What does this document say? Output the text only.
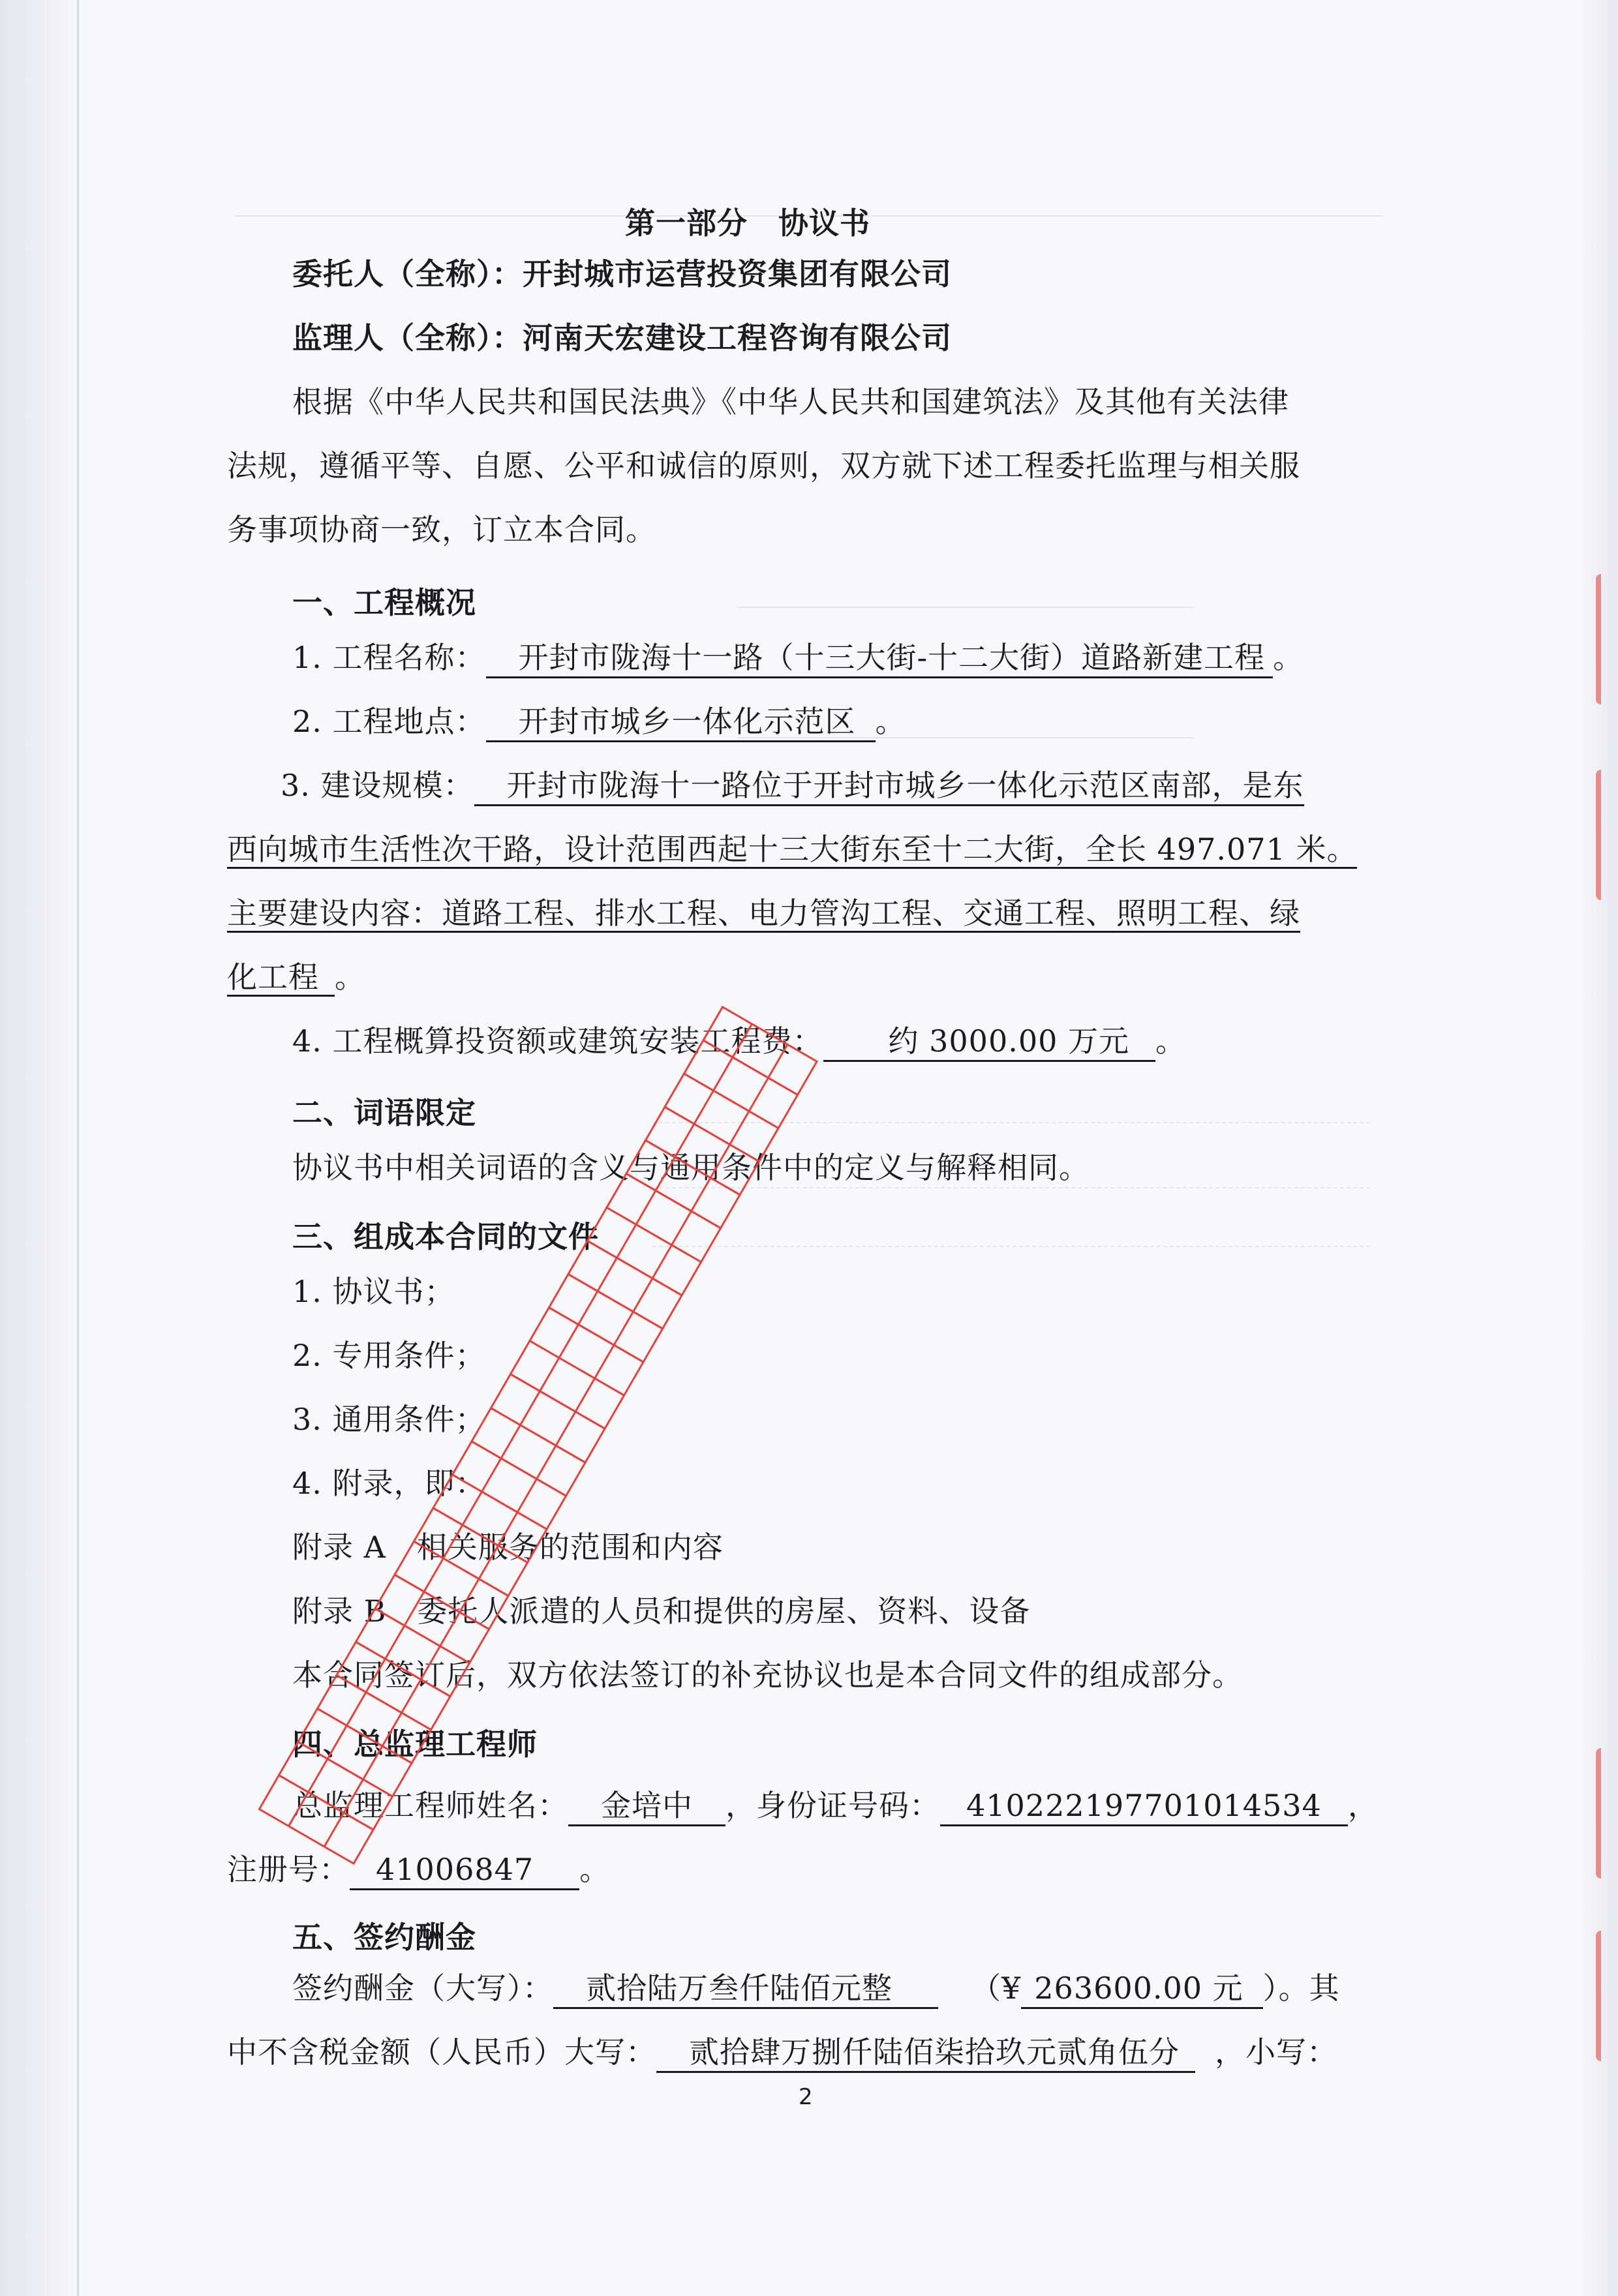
第一部分　协议书
委托人（全称）：开封城市运营投资集团有限公司
监理人（全称）：河南天宏建设工程咨询有限公司
根据《中华人民共和国民法典》《中华人民共和国建筑法》及其他有关法律
法规，遵循平等、自愿、公平和诚信的原则，双方就下述工程委托监理与相关服
务事项协商一致，订立本合同。
一、工程概况
1. 工程名称： 开封市陇海十一路（十三大街-十二大街）道路新建工程 。
2. 工程地点： 开封市城乡一体化示范区 。
3. 建设规模： 开封市陇海十一路位于开封市城乡一体化示范区南部，是东
西向城市生活性次干路，设计范围西起十三大街东至十二大街，全长 497.071 米。
主要建设内容：道路工程、排水工程、电力管沟工程、交通工程、照明工程、绿
化工程 。
4. 工程概算投资额或建筑安装工程费： 约 3000.00 万元 。
二、词语限定
协议书中相关词语的含义与通用条件中的定义与解释相同。
三、组成本合同的文件
1. 协议书；
2. 专用条件；
3. 通用条件；
4. 附录，即：
附录 A　相关服务的范围和内容
附录 B　委托人派遣的人员和提供的房屋、资料、设备
本合同签订后，双方依法签订的补充协议也是本合同文件的组成部分。
四、总监理工程师
总监理工程师姓名： 金培中 ，身份证号码： 410222197701014534 ，
注册号： 41006847 。
五、签约酬金
签约酬金（大写）： 贰拾陆万叁仟陆佰元整	（¥ 263600.00 元 ）。其
中不含税金额（人民币）大写： 贰拾肆万捌仟陆佰柒拾玖元贰角伍分 ，小写：
2
